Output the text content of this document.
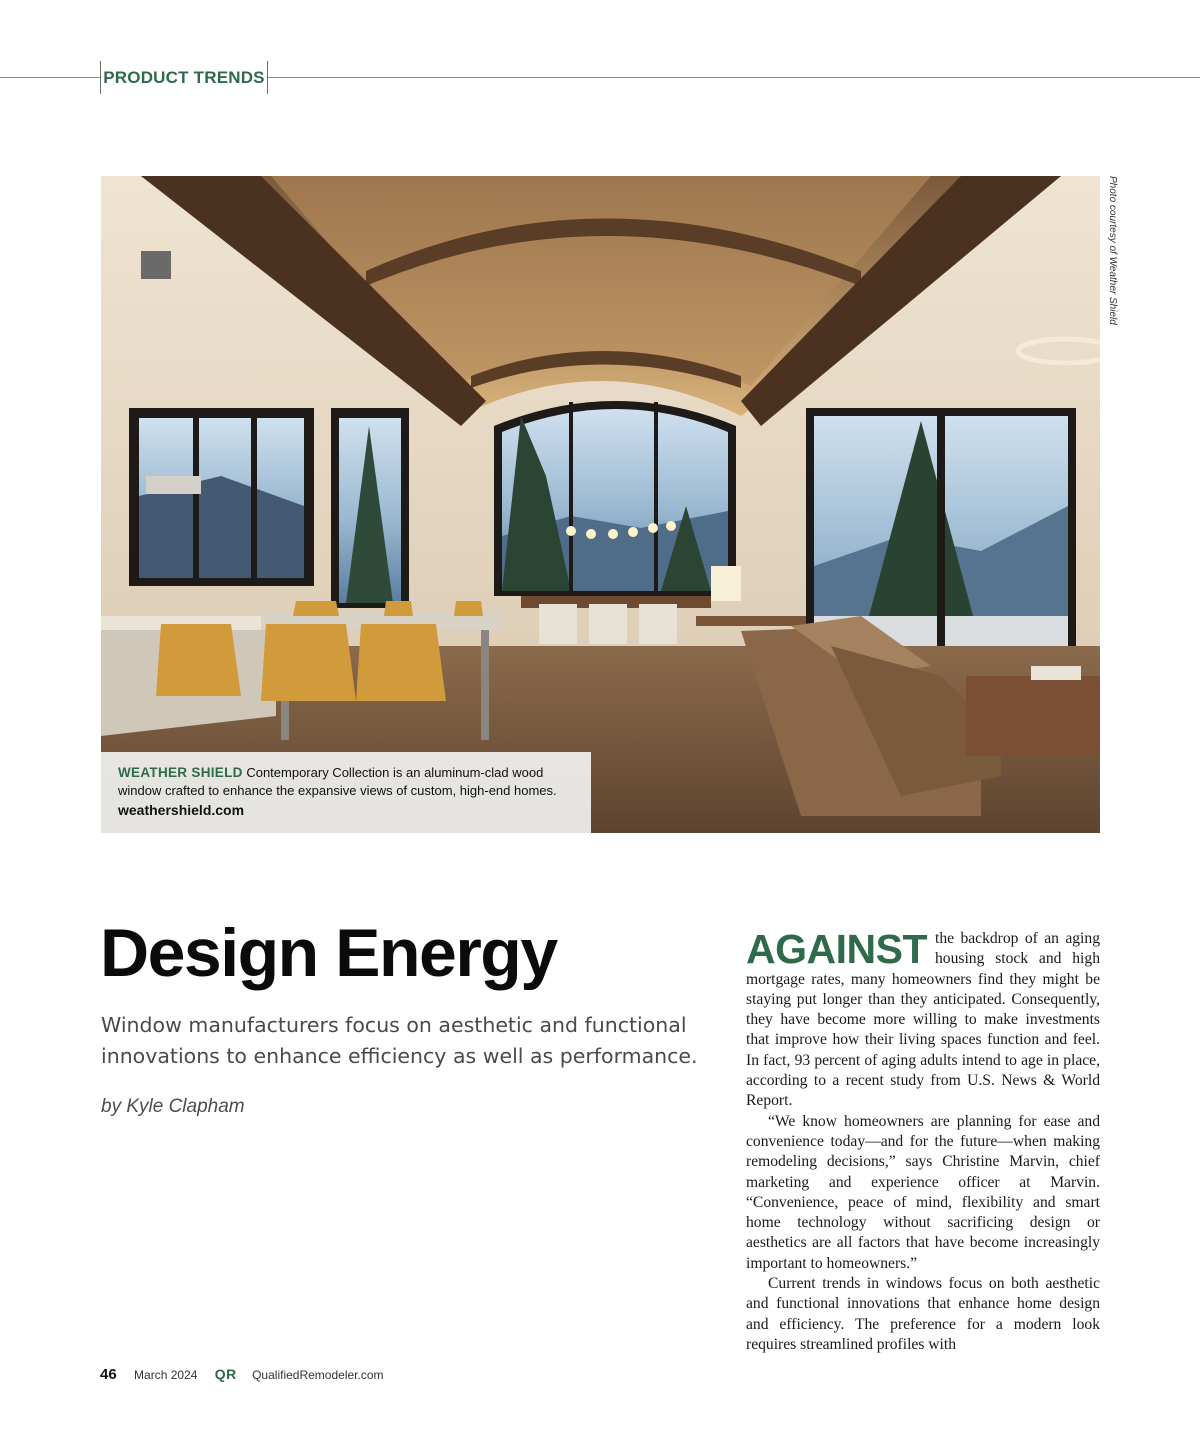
PRODUCT TRENDS
Photo courtesy of Weather Shield
WEATHER SHIELD Contemporary Collection is an aluminum-clad wood window crafted to enhance the expansive views of custom, high-end homes.
weathershield.com
Design Energy
Window manufacturers focus on aesthetic and functional innovations to enhance efficiency as well as performance.
by Kyle Clapham

AGAINST the backdrop of an aging housing stock and high mortgage rates, many homeowners find they might be staying put longer than they anticipated. Consequently, they have become more willing to make investments that improve how their living spaces function and feel. In fact, 93 percent of aging adults intend to age in place, according to a recent study from U.S. News & World Report.

“We know homeowners are planning for ease and convenience today—and for the future—when making remodeling decisions,” says Christine Marvin, chief marketing and experience officer at Marvin. “Convenience, peace of mind, flexibility and smart home technology without sacrificing design or aesthetics are all factors that have become increasingly important to homeowners.”

Current trends in windows focus on both aesthetic and functional innovations that enhance home design and efficiency. The preference for a modern look requires streamlined profiles with

46 March 2024 QR QualifiedRemodeler.com
